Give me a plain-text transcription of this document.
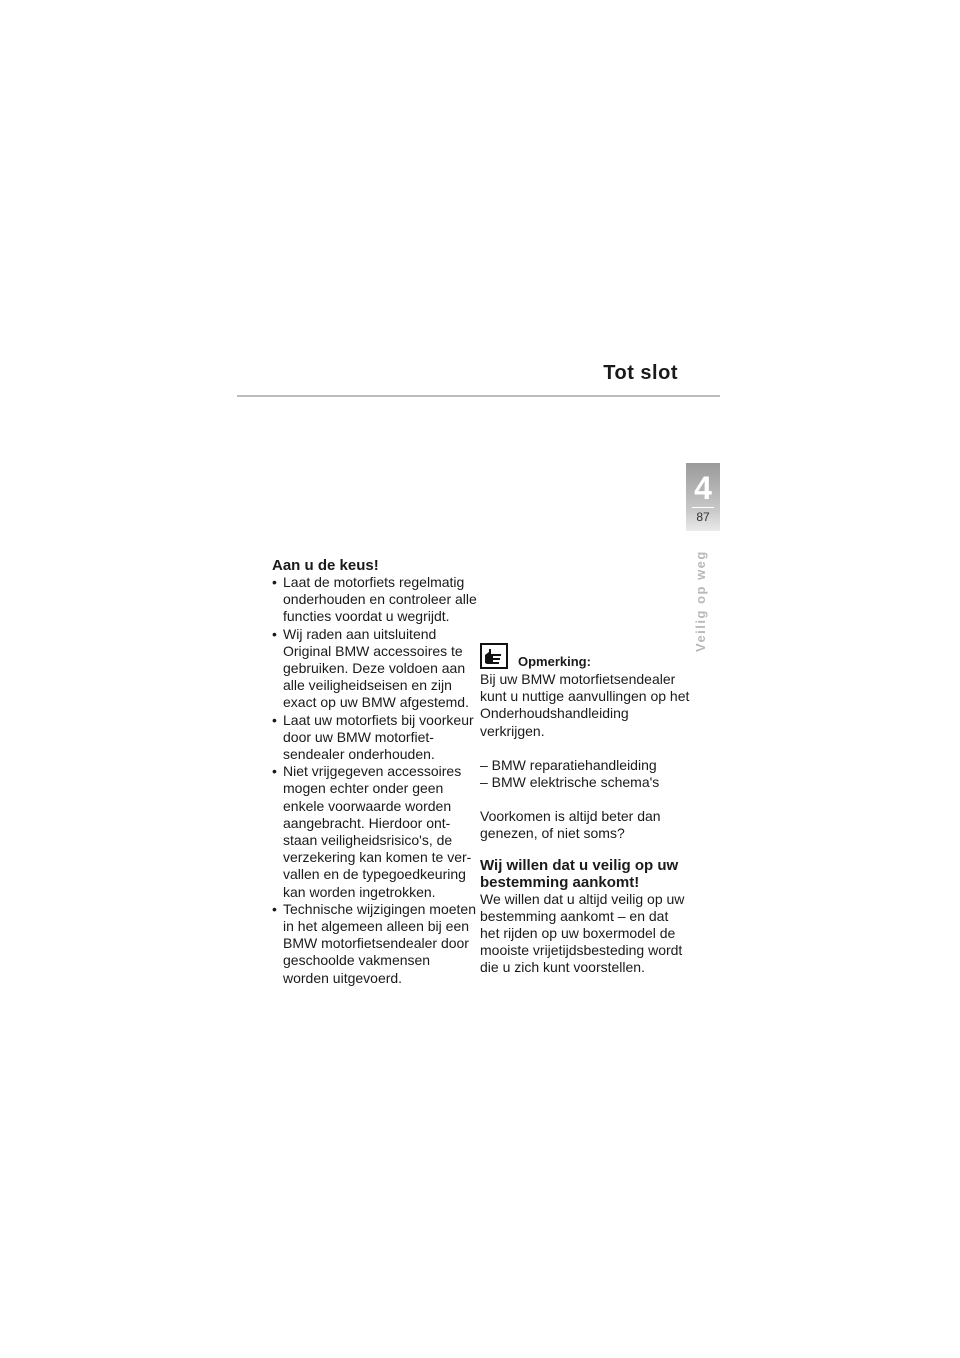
Tot slot
4
87
Veilig op weg
Aan u de keus!
• Laat de motorfiets regelmatig onderhouden en controleer alle functies voordat u wegrijdt.
• Wij raden aan uitsluitend Original BMW accessoires te gebruiken. Deze voldoen aan alle veiligheidseisen en zijn exact op uw BMW afgestemd.
• Laat uw motorfiets bij voorkeur door uw BMW motorfietsendealer onderhouden.
• Niet vrijgegeven accessoires mogen echter onder geen enkele voorwaarde worden aangebracht. Hierdoor ontstaan veiligheidsrisico's, de verzekering kan komen te vervallen en de typegoedkeuring kan worden ingetrokken.
• Technische wijzigingen moeten in het algemeen alleen bij een BMW motorfietsendealer door geschoolde vakmensen worden uitgevoerd.
Opmerking:
Bij uw BMW motorfietsendealer kunt u nuttige aanvullingen op het Onderhoudshandleiding verkrijgen.
– BMW reparatiehandleiding
– BMW elektrische schema's
Voorkomen is altijd beter dan genezen, of niet soms?
Wij willen dat u veilig op uw bestemming aankomt!
We willen dat u altijd veilig op uw bestemming aankomt – en dat het rijden op uw boxermodel de mooiste vrijetijdsbesteding wordt die u zich kunt voorstellen.
